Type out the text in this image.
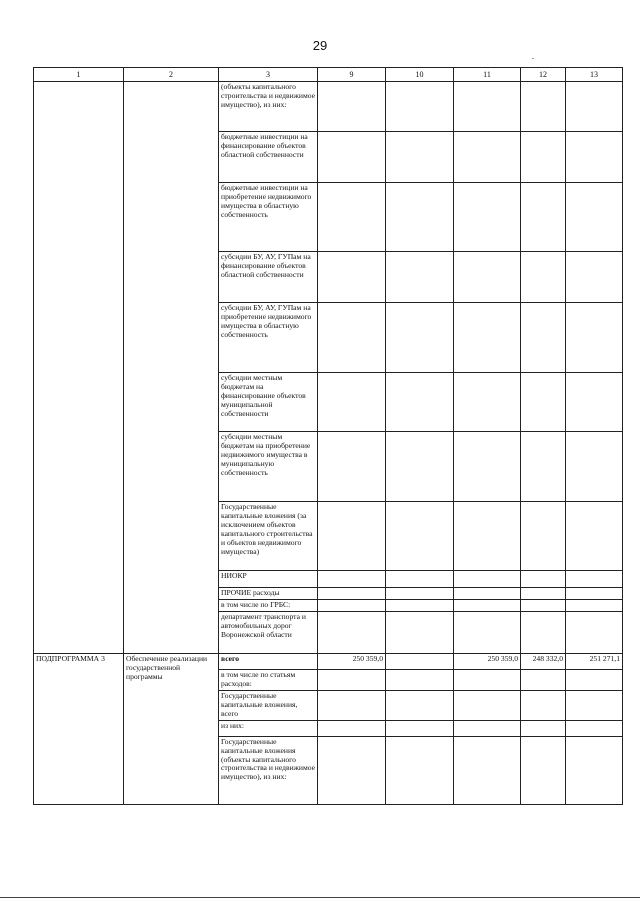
29
1	2	3	9	10	11	12	13
		(объекты капитального строительства и недвижимое имущество), из них:					
		бюджетные инвестиции на финансирование объектов областной собственности					
		бюджетные инвестиции на приобретение недвижимого имущества в областную собственность					
		субсидии БУ, АУ, ГУПам на финансирование объектов областной собственности					
		субсидии БУ, АУ, ГУПам на приобретение недвижимого имущества в областную собственность					
		субсидии местным бюджетам на финансирование объектов муниципальной собственности					
		субсидии местным бюджетам на приобретение недвижимого имущества в муниципальную собственность					
		Государственные капитальные вложения (за исключением объектов капитального строительства и объектов недвижимого имущества)					
		НИОКР					
		ПРОЧИЕ расходы					
		в том числе по ГРБС:					
		департамент транспорта и автомобильных дорог Воронежской области					
ПОДПРОГРАММА 3	Обеспечение реализации государственной программы	всего	250 359,0		250 359,0	248 332,0	251 271,1
		в том числе по статьям расходов:					
		Государственные капитальные вложения, всего					
		из них:					
		Государственные капитальные вложения (объекты капитального строительства и недвижимое имущество), из них:					
